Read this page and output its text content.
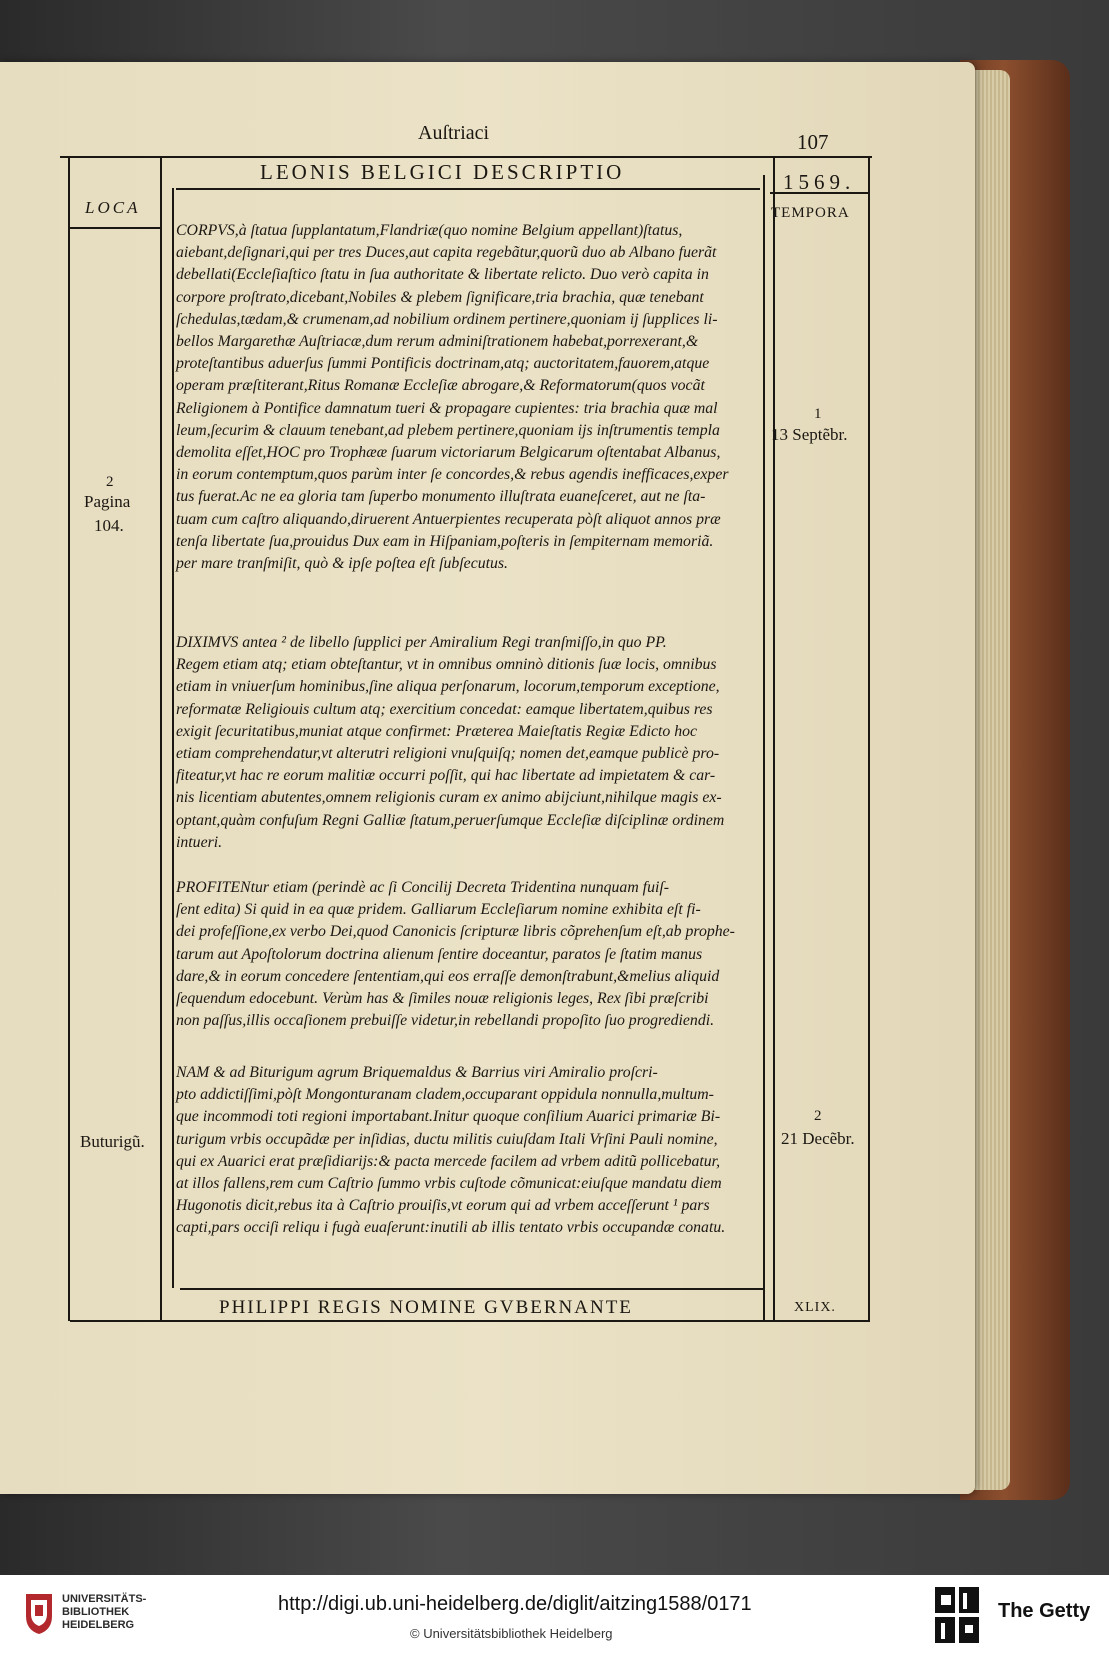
Auſtriaci	107
LEONIS BELGICI DESCRIPTIO	1569.
LOCA	TEMPORA

CORPVS,à ſtatua ſupplantatum,Flandriæ(quo nomine Belgium appellant)ſtatus,
aiebant,deſignari,qui per tres Duces,aut capita regebãtur,quorũ duo ab Albano fuerãt
debellati(Eccleſiaſtico ſtatu in ſua authoritate & libertate relicto. Duo verò capita in
corpore proſtrato,dicebant,Nobiles & plebem ſignificare,tria brachia, quæ tenebant
ſchedulas,tædam,& crumenam,ad nobilium ordinem pertinere,quoniam ij ſupplices li-
bellos Margarethæ Auſtriacæ,dum rerum adminiſtrationem habebat,porrexerant,&
proteſtantibus aduerſus ſummi Pontificis doctrinam,atq; auctoritatem,fauorem,atque
operam præſtiterant,Ritus Romanæ Eccleſiæ abrogare,& Reformatorum(quos vocãt
Religionem à Pontifice damnatum tueri & propagare cupientes: tria brachia quæ mal
leum,ſecurim & clauum tenebant,ad plebem pertinere,quoniam ijs inſtrumentis templa
demolita eſſet,HOC pro Trophææ ſuarum victoriarum Belgicarum oſtentabat Albanus,
in eorum contemptum,quos parùm inter ſe concordes,& rebus agendis inefficaces,exper
tus fuerat.Ac ne ea gloria tam ſuperbo monumento illuſtrata euaneſceret, aut ne ſta-
tuam cum caſtro aliquando,diruerent Antuerpientes recuperata pòſt aliquot annos præ
tenſa libertate ſua,prouidus Dux eam in Hiſpaniam,poſteris in ſempiternam memoriã.
per mare tranſmiſit, quò & ipſe poſtea eſt ſubſecutus.

DIXIMVS antea ² de libello ſupplici per Amiralium Regi tranſmiſſo,in quo PP.
Regem etiam atq; etiam obteſtantur, vt in omnibus omninò ditionis ſuæ locis, omnibus
etiam in vniuerſum hominibus,ſine aliqua perſonarum, locorum,temporum exceptione,
reformatæ Religiouis cultum atq; exercitium concedat: eamque libertatem,quibus res
exigit ſecuritatibus,muniat atque confirmet: Præterea Maieſtatis Regiæ Edicto hoc
etiam comprehendatur,vt alterutri religioni vnuſquiſq; nomen det,eamque publicè pro-
fiteatur,vt hac re eorum malitiæ occurri poſſit, qui hac libertate ad impietatem & car-
nis licentiam abutentes,omnem religionis curam ex animo abijciunt,nihilque magis ex-
optant,quàm confuſum Regni Galliæ ſtatum,peruerſumque Eccleſiæ diſciplinæ ordinem
intueri.

PROFITENtur etiam (perindè ac ſi Concilij Decreta Tridentina nunquam fuiſ-
ſent edita) Si quid in ea quæ pridem. Galliarum Eccleſiarum nomine exhibita eſt fi-
dei profeſſione,ex verbo Dei,quod Canonicis ſcripturæ libris cõprehenſum eſt,ab prophe-
tarum aut Apoſtolorum doctrina alienum ſentire doceantur, paratos ſe ſtatim manus
dare,& in eorum concedere ſententiam,qui eos erraſſe demonſtrabunt,&melius aliquid
ſequendum edocebunt. Verùm has & ſimiles nouæ religionis leges, Rex ſibi præſcribi
non paſſus,illis occaſionem prebuiſſe videtur,in rebellandi propoſito ſuo progrediendi.

NAM & ad Biturigum agrum Briquemaldus & Barrius viri Amiralio proſcri-
pto addictiſſimi,pòſt Mongonturanam cladem,occuparant oppidula nonnulla,multum-
que incommodi toti regioni importabant.Initur quoque conſilium Auarici primariæ Bi-
turigum vrbis occupãdæ per inſidias, ductu militis cuiuſdam Itali Vrſini Pauli nomine,
qui ex Auarici erat præſidiarijs:& pacta mercede facilem ad vrbem aditũ pollicebatur,
at illos fallens,rem cum Caſtrio ſummo vrbis cuſtode cõmunicat:eiuſque mandatu diem
Hugonotis dicit,rebus ita à Caſtrio prouiſis,vt eorum qui ad vrbem acceſſerunt ¹ pars
capti,pars occiſi reliqu i fugà euaſerunt:inutili ab illis tentato vrbis occupandæ conatu.

2
Pagina
104.
Buturigũ.
1
13 Septẽbr.
2
21 Decẽbr.
PHILIPPI REGIS NOMINE GVBERNANTE	XLIX.
UNIVERSITÄTS-
BIBLIOTHEK
HEIDELBERG
http://digi.ub.uni-heidelberg.de/diglit/aitzing1588/0171
© Universitätsbibliothek Heidelberg
The Getty
